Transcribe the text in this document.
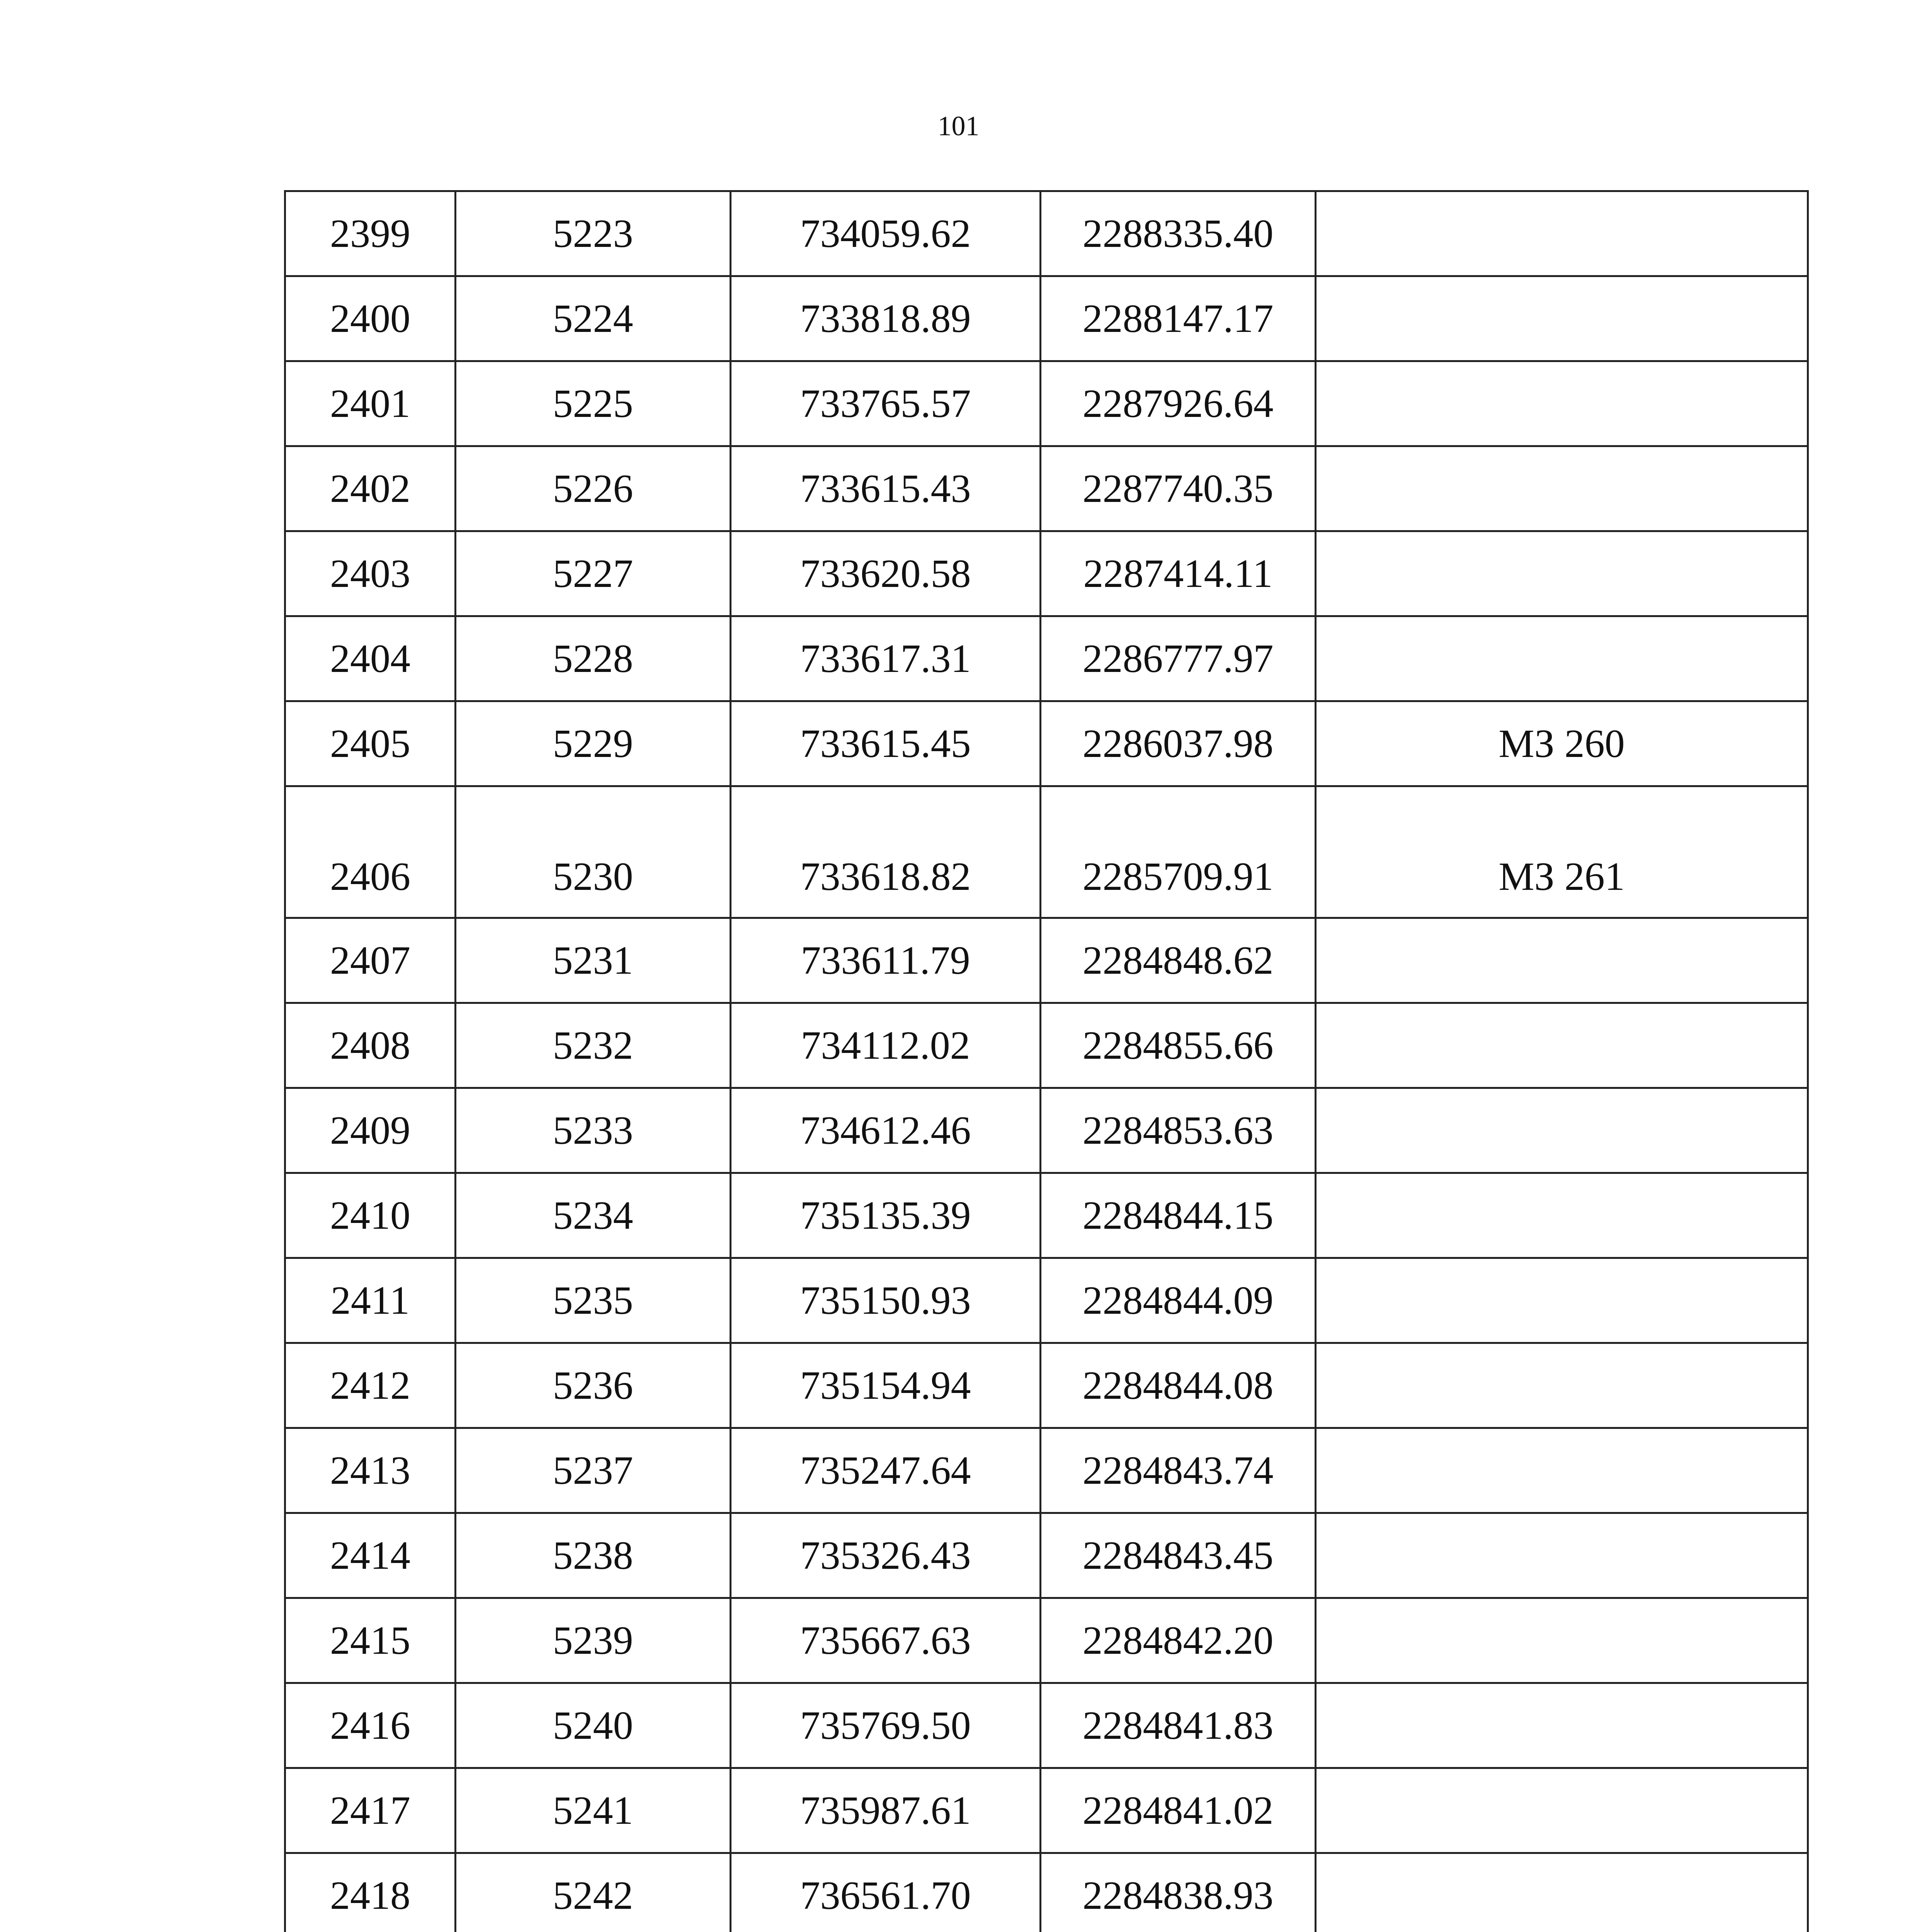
101
2399	5223	734059.62	2288335.40	
2400	5224	733818.89	2288147.17	
2401	5225	733765.57	2287926.64	
2402	5226	733615.43	2287740.35	
2403	5227	733620.58	2287414.11	
2404	5228	733617.31	2286777.97	
2405	5229	733615.45	2286037.98	МЗ 260
2406	5230	733618.82	2285709.91	МЗ 261
2407	5231	733611.79	2284848.62	
2408	5232	734112.02	2284855.66	
2409	5233	734612.46	2284853.63	
2410	5234	735135.39	2284844.15	
2411	5235	735150.93	2284844.09	
2412	5236	735154.94	2284844.08	
2413	5237	735247.64	2284843.74	
2414	5238	735326.43	2284843.45	
2415	5239	735667.63	2284842.20	
2416	5240	735769.50	2284841.83	
2417	5241	735987.61	2284841.02	
2418	5242	736561.70	2284838.93	
